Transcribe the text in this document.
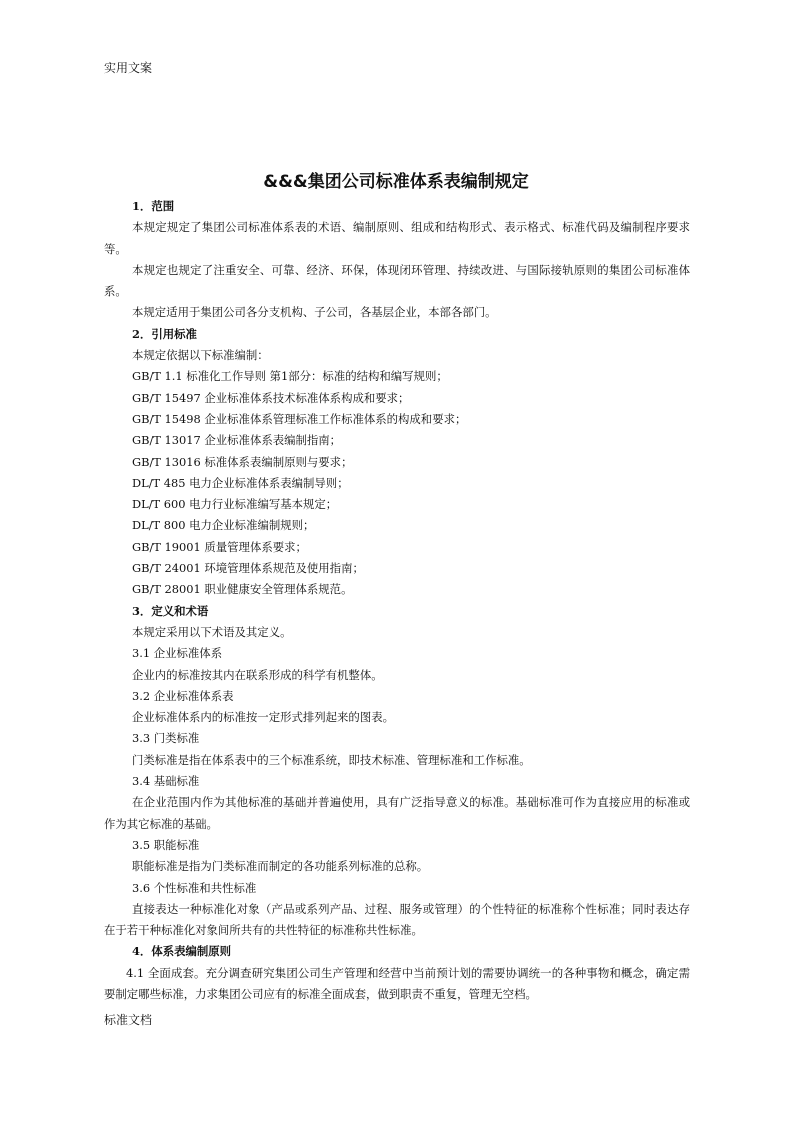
实用文案
&&&集团公司标准体系表编制规定

1．范围

本规定规定了集团公司标准体系表的术语、编制原则、组成和结构形式、表示格式、标准代码及编制程序要求等。

本规定也规定了注重安全、可靠、经济、环保，体现闭环管理、持续改进、与国际接轨原则的集团公司标准体系。

本规定适用于集团公司各分支机构、子公司，各基层企业，本部各部门。

2．引用标准

本规定依据以下标准编制：

GB/T 1.1 标准化工作导则 第1部分：标准的结构和编写规则；

GB/T 15497 企业标准体系技术标准体系构成和要求；

GB/T 15498 企业标准体系管理标准工作标准体系的构成和要求；

GB/T 13017 企业标准体系表编制指南；

GB/T 13016 标准体系表编制原则与要求；

DL/T 485 电力企业标准体系表编制导则；

DL/T 600 电力行业标准编写基本规定；

DL/T 800 电力企业标准编制规则；

GB/T 19001 质量管理体系要求；

GB/T 24001 环境管理体系规范及使用指南；

GB/T 28001 职业健康安全管理体系规范。

3．定义和术语

本规定采用以下术语及其定义。

3.1 企业标准体系

企业内的标准按其内在联系形成的科学有机整体。

3.2 企业标准体系表

企业标准体系内的标准按一定形式排列起来的图表。

3.3 门类标准

门类标准是指在体系表中的三个标准系统，即技术标准、管理标准和工作标准。

3.4 基础标准

在企业范围内作为其他标准的基础并普遍使用，具有广泛指导意义的标准。基础标准可作为直接应用的标准或作为其它标准的基础。

3.5 职能标准

职能标准是指为门类标准而制定的各功能系列标准的总称。

3.6 个性标准和共性标准

直接表达一种标准化对象（产品或系列产品、过程、服务或管理）的个性特征的标准称个性标准；同时表达存在于若干种标准化对象间所共有的共性特征的标准称共性标准。

4．体系表编制原则

4.1 全面成套。充分调查研究集团公司生产管理和经营中当前预计划的需要协调统一的各种事物和概念，确定需要制定哪些标准，力求集团公司应有的标准全面成套，做到职责不重复，管理无空档。

标准文档
